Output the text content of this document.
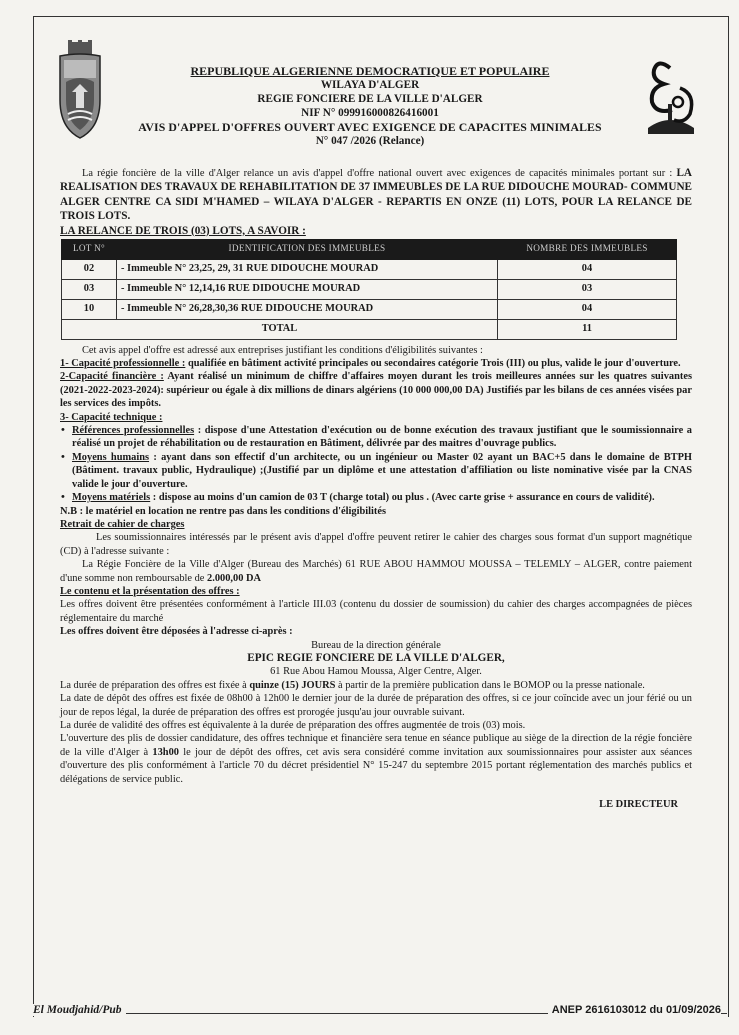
REPUBLIQUE ALGERIENNE DEMOCRATIQUE ET POPULAIRE
WILAYA D'ALGER
REGIE FONCIERE DE LA VILLE D'ALGER
NIF N° 099916000826416001
AVIS D'APPEL D'OFFRES OUVERT AVEC EXIGENCE DE CAPACITES MINIMALES
N° 047 /2026 (Relance)

La régie foncière de la ville d'Alger relance un avis d'appel d'offre national ouvert avec exigences de capacités minimales portant sur : LA REALISATION DES TRAVAUX DE REHABILITATION DE 37 IMMEUBLES DE LA RUE DIDOUCHE MOURAD- COMMUNE ALGER CENTRE CA SIDI M'HAMED – WILAYA D'ALGER - REPARTIS EN ONZE (11) LOTS, POUR LA RELANCE DE TROIS LOTS.

LA RELANCE DE TROIS (03) LOTS, A SAVOIR :
LOT N°	IDENTIFICATION DES IMMEUBLES	NOMBRE DES IMMEUBLES
02	- Immeuble N° 23,25, 29, 31 RUE DIDOUCHE MOURAD	04
03	- Immeuble N° 12,14,16 RUE DIDOUCHE MOURAD	03
10	- Immeuble N° 26,28,30,36 RUE DIDOUCHE MOURAD	04
TOTAL		11

Cet avis appel d'offre est adressé aux entreprises justifiant les conditions d'éligibilités suivantes :

1- Capacité professionnelle : qualifiée en bâtiment activité principales ou secondaires catégorie Trois (III) ou plus, valide le jour d'ouverture.

2-Capacité financière : Ayant réalisé un minimum de chiffre d'affaires moyen durant les trois meilleures années sur les quatres suivantes (2021-2022-2023-2024): supérieur ou égale à dix millions de dinars algériens (10 000 000,00 DA) Justifiés par les bilans de ces années visées par les services des impôts.

3- Capacité technique :

• Références professionnelles : dispose d'une Attestation d'exécution ou de bonne exécution des travaux justifiant que le soumissionnaire a réalisé un projet de réhabilitation ou de restauration en Bâtiment, délivrée par des maitres d'ouvrage publics.
• Moyens humains : ayant dans son effectif d'un architecte, ou un ingénieur ou Master 02 ayant un BAC+5 dans le domaine de BTPH (Bâtiment. travaux public, Hydraulique) ;(Justifié par un diplôme et une attestation d'affiliation ou liste nominative visée par la CNAS valide le jour d'ouverture.
• Moyens matériels : dispose au moins d'un camion de 03 T (charge total) ou plus . (Avec carte grise + assurance en cours de validité).

N.B : le matériel en location ne rentre pas dans les conditions d'éligibilités

Retrait de cahier de charges

Les soumissionnaires intéressés par le présent avis d'appel d'offre peuvent retirer le cahier des charges sous format d'un support magnétique (CD) à l'adresse suivante :

La Régie Foncière de la Ville d'Alger (Bureau des Marchés) 61 RUE ABOU HAMMOU MOUSSA – TELEMLY – ALGER, contre paiement d'une somme non remboursable de 2.000,00 DA

Le contenu et la présentation des offres :

Les offres doivent être présentées conformément à l'article III.03 (contenu du dossier de soumission) du cahier des charges accompagnées de pièces réglementaire du marché

Les offres doivent être déposées à l'adresse ci-après :

Bureau de la direction générale
EPIC REGIE FONCIERE DE LA VILLE D'ALGER,
61 Rue Abou Hamou Moussa, Alger Centre, Alger.

La durée de préparation des offres est fixée à quinze (15) JOURS à partir de la première publication dans le BOMOP ou la presse nationale.

La date de dépôt des offres est fixée de 08h00 à 12h00 le dernier jour de la durée de préparation des offres, si ce jour coïncide avec un jour férié ou un jour de repos légal, la durée de préparation des offres est prorogée jusqu'au jour ouvrable suivant.

La durée de validité des offres est équivalente à la durée de préparation des offres augmentée de trois (03) mois.

L'ouverture des plis de dossier candidature, des offres technique et financière sera tenue en séance publique au siège de la direction de la régie foncière de la ville d'Alger à 13h00 le jour de dépôt des offres, cet avis sera considéré comme invitation aux soumissionnaires pour assister aux séances d'ouverture des plis conformément à l'article 70 du décret présidentiel N° 15-247 du septembre 2015 portant réglementation des marchés publics et délégations de service public.

LE DIRECTEUR
El Moudjahid/Pub	ANEP 2616103012 du 01/09/2026
